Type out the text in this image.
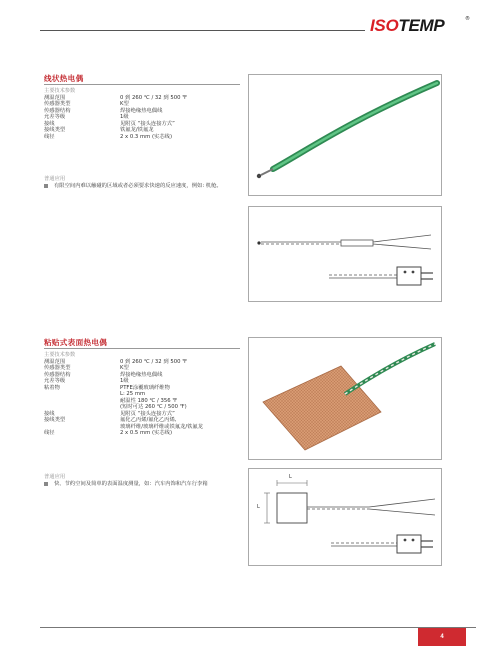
ISOTEMP	®
线状热电偶
主要技术参数
测温范围	0 到 260 ℃ / 32 到 500 ℉
传感器类型	K型
传感器结构	焊接绝缘热电偶线
允差等级	1级
接线	见附页 “接头连接方式”
接线类型	铁氟龙/铁氟龙
线径	2 x 0.3 mm (实芯线)
普通应用
有限空间内难以触碰的区域或者必须要求快速的反应速度，例如: 机舱。
粘贴式表面热电偶
主要技术参数
测温范围	0 到 260 ℃ / 32 到 500 ℉
传感器类型	K型
传感器结构	焊接绝缘热电偶线
允差等级	1级
粘着物	PTFE涂覆玻璃纤维物
L: 25 mm
耐温性 180 ℃ / 356 ℉
(短时可达 260 ℃ / 500 ℉)
接线	见附页 “接头连接方式”
接线类型	氟化乙丙烯/氟化乙丙烯,
玻璃纤维/玻璃纤维或铁氟龙/铁氟龙
线径	2 x 0.5 mm (实芯线)
普通应用
快、节约空间及简单的表面温度测量，如：汽车内饰和汽车行李箱
L
L
4
